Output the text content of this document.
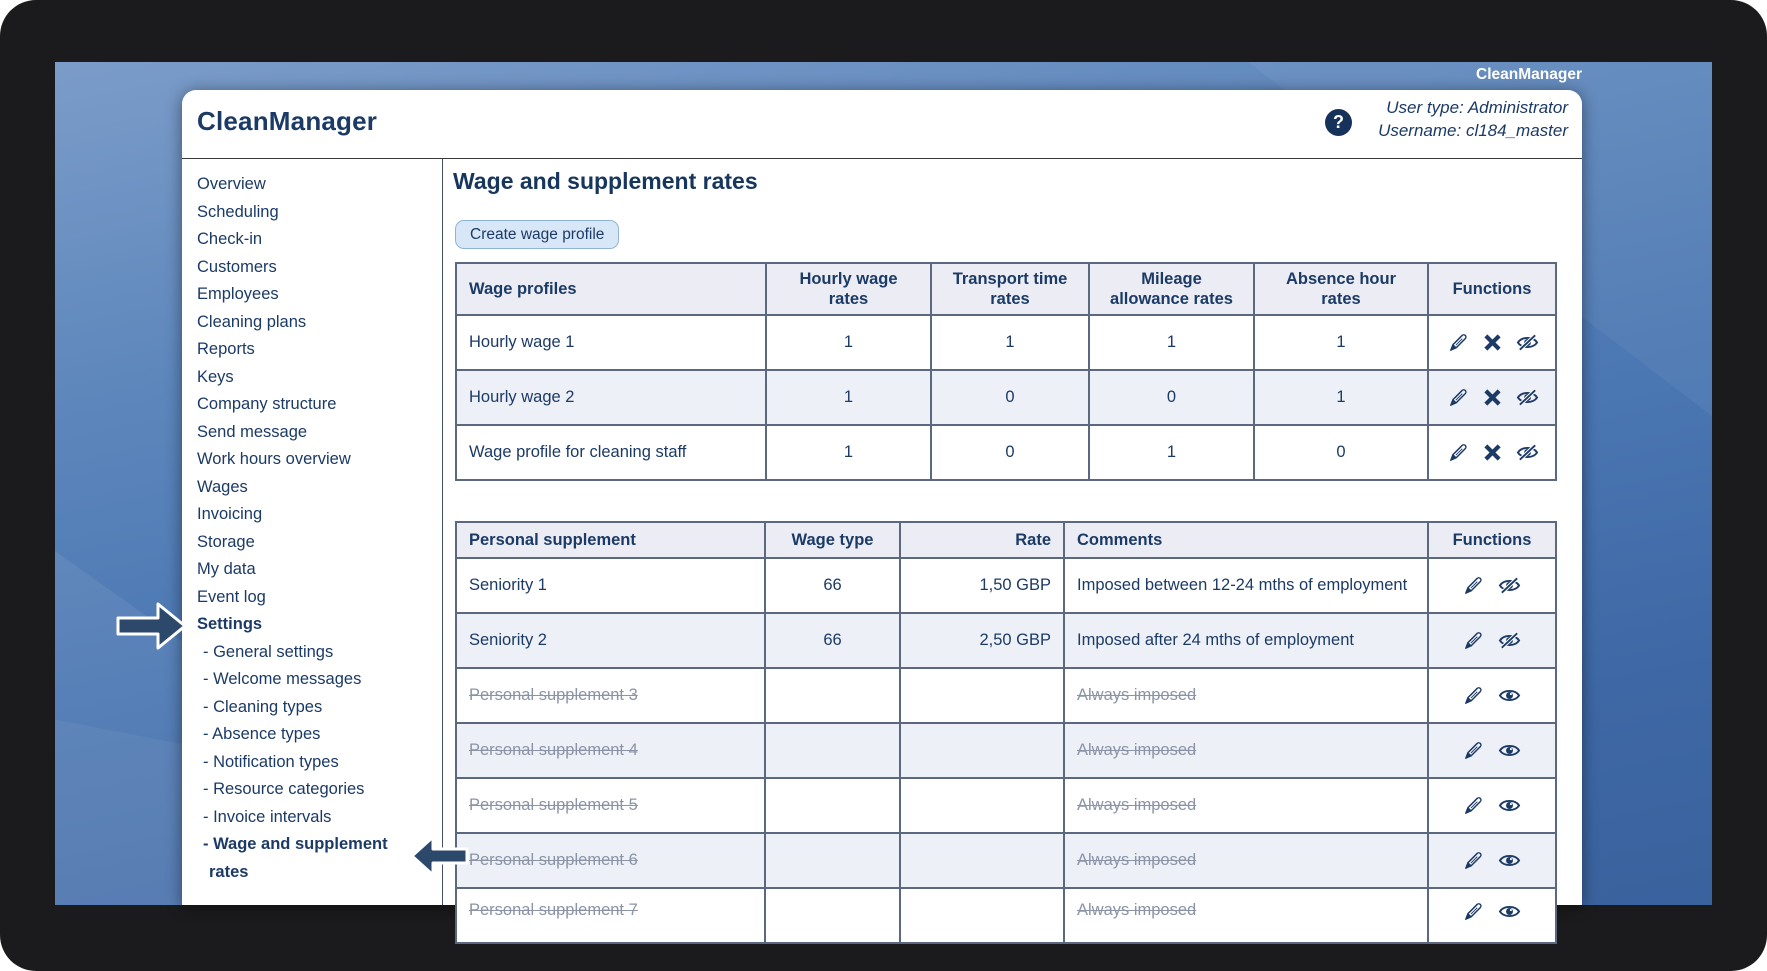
CleanManager
CleanManager	?
User type: Administrator
Username: cl184_master
Overview
Scheduling
Check-in
Customers
Employees
Cleaning plans
Reports
Keys
Company structure
Send message
Work hours overview
Wages
Invoicing
Storage
My data
Event log
Settings
- General settings
- Welcome messages
- Cleaning types
- Absence types
- Notification types
- Resource categories
- Invoice intervals
- Wage and supplement rates
Wage and supplement rates
Create wage profile
Wage profiles	Hourly wage rates	Transport time rates	Mileage allowance rates	Absence hour rates	Functions
Hourly wage 1	1	1	1	1	

Hourly wage 2	1	0	0	1	

Wage profile for cleaning staff	1	0	1	0	
Personal supplement	Wage type	Rate	Comments	Functions
Seniority 1	66	1,50 GBP	Imposed between 12-24 mths of employment	

Seniority 2	66	2,50 GBP	Imposed after 24 mths of employment	

Personal supplement 3			Always imposed	

Personal supplement 4			Always imposed	

Personal supplement 5			Always imposed	

Personal supplement 6			Always imposed	

Personal supplement 7			Always imposed	
